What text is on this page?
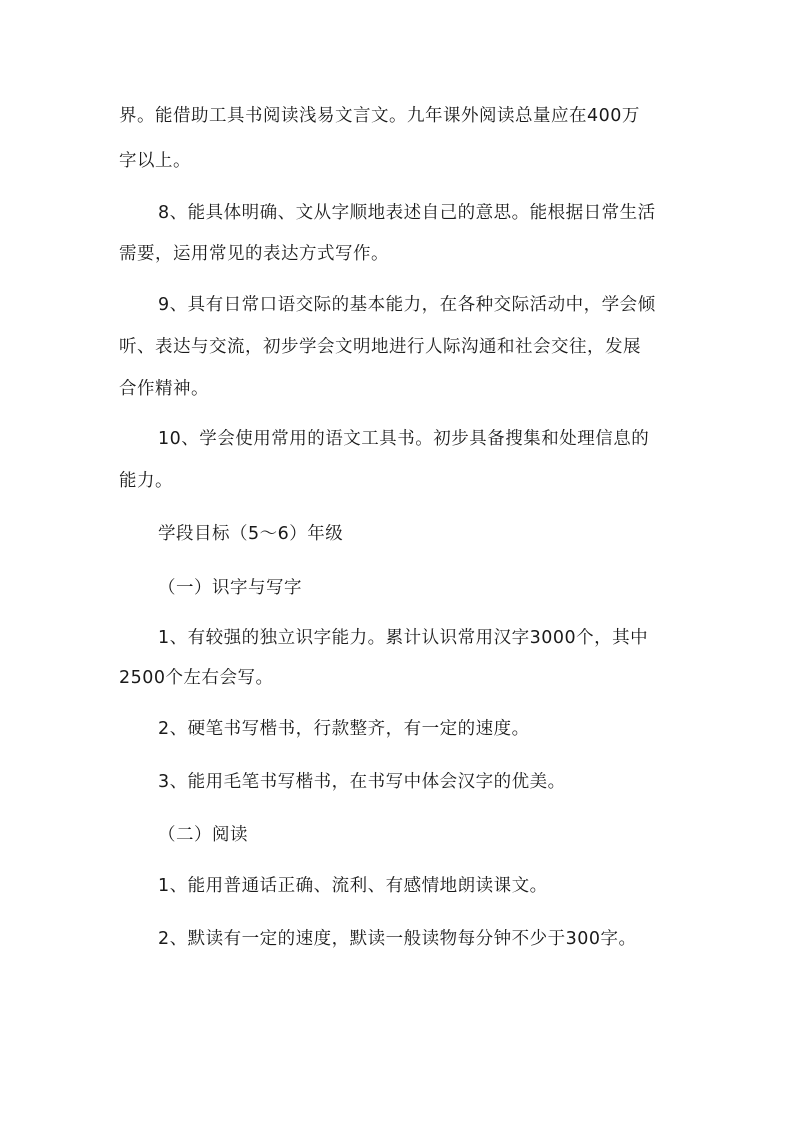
界。能借助工具书阅读浅易文言文。九年课外阅读总量应在400万
字以上。
8、能具体明确、文从字顺地表述自己的意思。能根据日常生活
需要，运用常见的表达方式写作。
9、具有日常口语交际的基本能力，在各种交际活动中，学会倾
听、表达与交流，初步学会文明地进行人际沟通和社会交往，发展
合作精神。
10、学会使用常用的语文工具书。初步具备搜集和处理信息的
能力。
学段目标（5～6）年级
（一）识字与写字
1、有较强的独立识字能力。累计认识常用汉字3000个，其中
2500个左右会写。
2、硬笔书写楷书，行款整齐，有一定的速度。
3、能用毛笔书写楷书，在书写中体会汉字的优美。
（二）阅读
1、能用普通话正确、流利、有感情地朗读课文。
2、默读有一定的速度，默读一般读物每分钟不少于300字。
